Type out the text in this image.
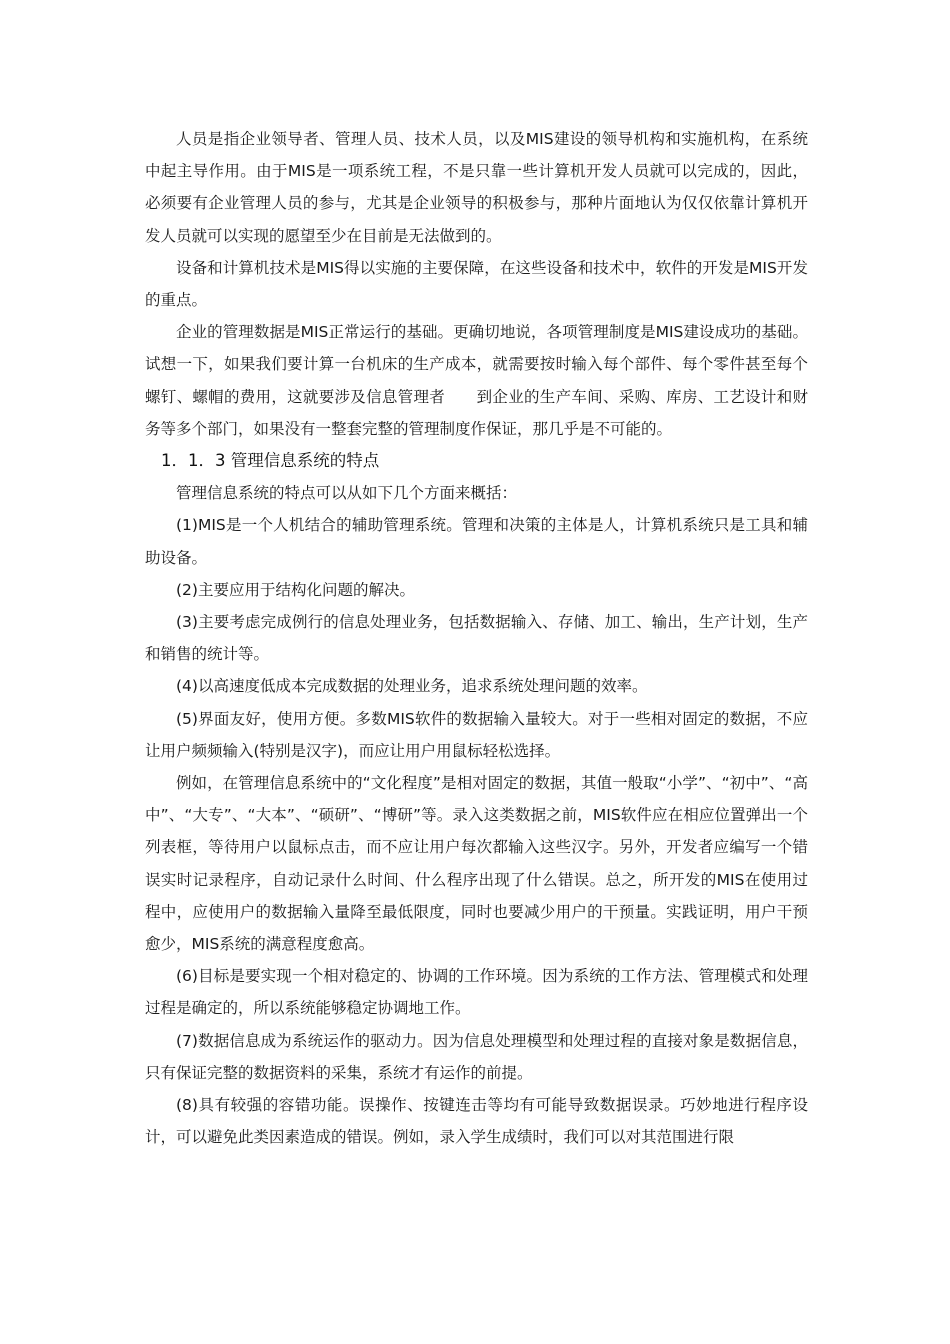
人员是指企业领导者、管理人员、技术人员，以及MIS建设的领导机构和实施机构，在系统中起主导作用。由于MIS是一项系统工程，不是只靠一些计算机开发人员就可以完成的，因此，必须要有企业管理人员的参与，尤其是企业领导的积极参与，那种片面地认为仅仅依靠计算机开发人员就可以实现的愿望至少在目前是无法做到的。

设备和计算机技术是MIS得以实施的主要保障，在这些设备和技术中，软件的开发是MIS开发的重点。

企业的管理数据是MIS正常运行的基础。更确切地说，各项管理制度是MIS建设成功的基础。试想一下，如果我们要计算一台机床的生产成本，就需要按时输入每个部件、每个零件甚至每个螺钉、螺帽的费用，这就要涉及信息管理者　　到企业的生产车间、采购、库房、工艺设计和财务等多个部门，如果没有一整套完整的管理制度作保证，那几乎是不可能的。

1．1．3 管理信息系统的特点

管理信息系统的特点可以从如下几个方面来概括：

(1)MIS是一个人机结合的辅助管理系统。管理和决策的主体是人，计算机系统只是工具和辅助设备。

(2)主要应用于结构化问题的解决。

(3)主要考虑完成例行的信息处理业务，包括数据输入、存储、加工、输出，生产计划，生产和销售的统计等。

(4)以高速度低成本完成数据的处理业务，追求系统处理问题的效率。

(5)界面友好，使用方便。多数MIS软件的数据输入量较大。对于一些相对固定的数据，不应让用户频频输入(特别是汉字)，而应让用户用鼠标轻松选择。

例如，在管理信息系统中的“文化程度”是相对固定的数据，其值一般取“小学”、“初中”、“高中”、“大专”、“大本”、“硕研”、“博研”等。录入这类数据之前，MIS软件应在相应位置弹出一个列表框，等待用户以鼠标点击，而不应让用户每次都输入这些汉字。另外，开发者应编写一个错误实时记录程序，自动记录什么时间、什么程序出现了什么错误。总之，所开发的MIS在使用过程中，应使用户的数据输入量降至最低限度，同时也要减少用户的干预量。实践证明，用户干预愈少，MIS系统的满意程度愈高。

(6)目标是要实现一个相对稳定的、协调的工作环境。因为系统的工作方法、管理模式和处理过程是确定的，所以系统能够稳定协调地工作。

(7)数据信息成为系统运作的驱动力。因为信息处理模型和处理过程的直接对象是数据信息，只有保证完整的数据资料的采集，系统才有运作的前提。

(8)具有较强的容错功能。误操作、按键连击等均有可能导致数据误录。巧妙地进行程序设计，可以避免此类因素造成的错误。例如，录入学生成绩时，我们可以对其范围进行限
